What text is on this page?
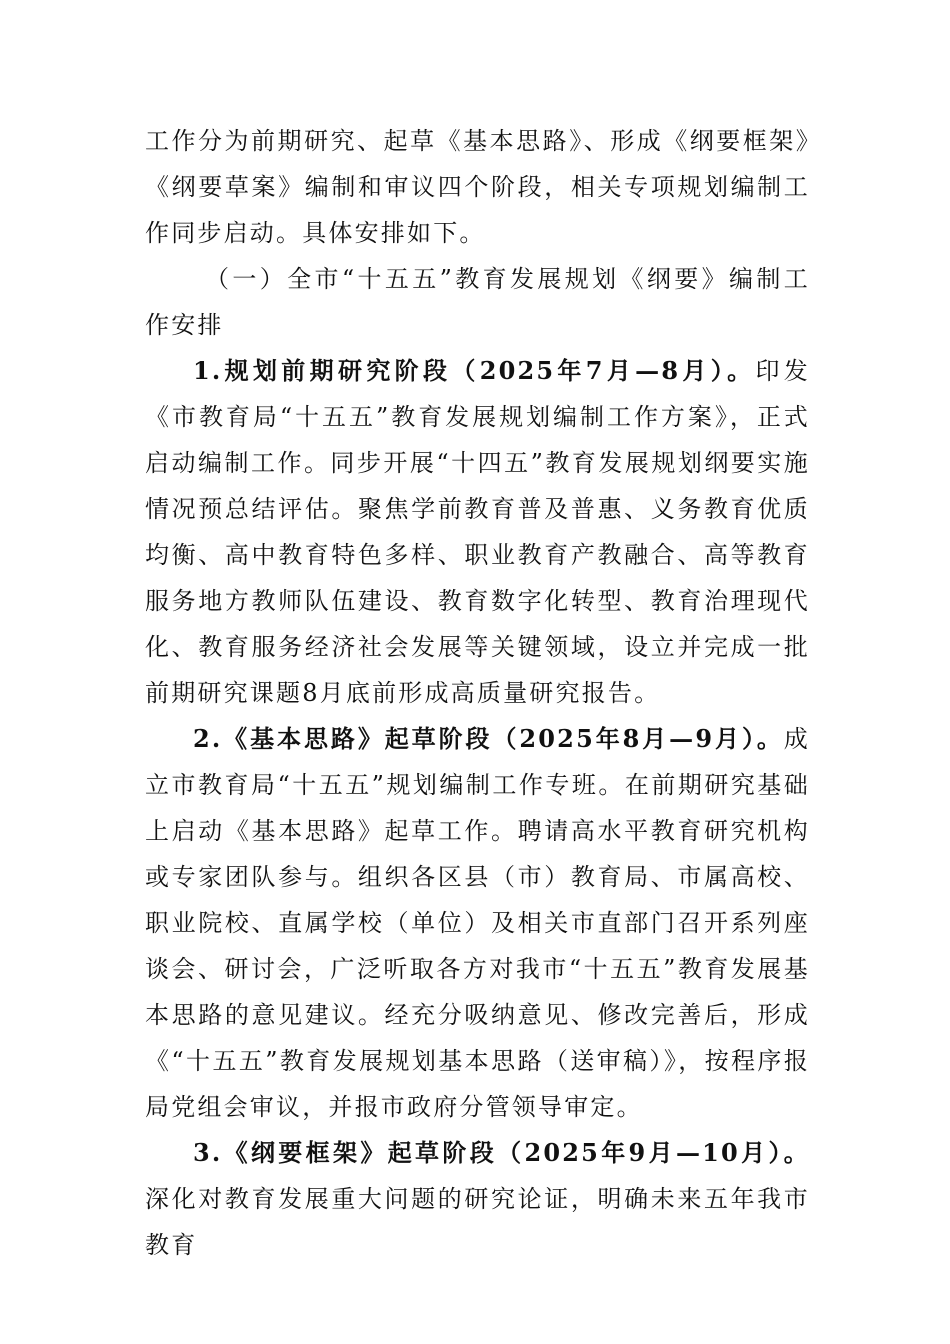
工作分为前期研究、起草《基本思路》、形成《纲要框架》《纲要草案》编制和审议四个阶段，相关专项规划编制工作同步启动。具体安排如下。

（一）全市“十五五”教育发展规划《纲要》编制工作安排

1.规划前期研究阶段（2025年7月—8月）。印发《市教育局“十五五”教育发展规划编制工作方案》，正式启动编制工作。同步开展“十四五”教育发展规划纲要实施情况预总结评估。聚焦学前教育普及普惠、义务教育优质均衡、高中教育特色多样、职业教育产教融合、高等教育服务地方教师队伍建设、教育数字化转型、教育治理现代化、教育服务经济社会发展等关键领域，设立并完成一批前期研究课题8月底前形成高质量研究报告。

2.《基本思路》起草阶段（2025年8月—9月）。成立市教育局“十五五”规划编制工作专班。在前期研究基础上启动《基本思路》起草工作。聘请高水平教育研究机构或专家团队参与。组织各区县（市）教育局、市属高校、职业院校、直属学校（单位）及相关市直部门召开系列座谈会、研讨会，广泛听取各方对我市“十五五”教育发展基本思路的意见建议。经充分吸纳意见、修改完善后，形成《“十五五”教育发展规划基本思路（送审稿）》，按程序报局党组会审议，并报市政府分管领导审定。

3.《纲要框架》起草阶段（2025年9月—10月）。深化对教育发展重大问题的研究论证，明确未来五年我市教育
